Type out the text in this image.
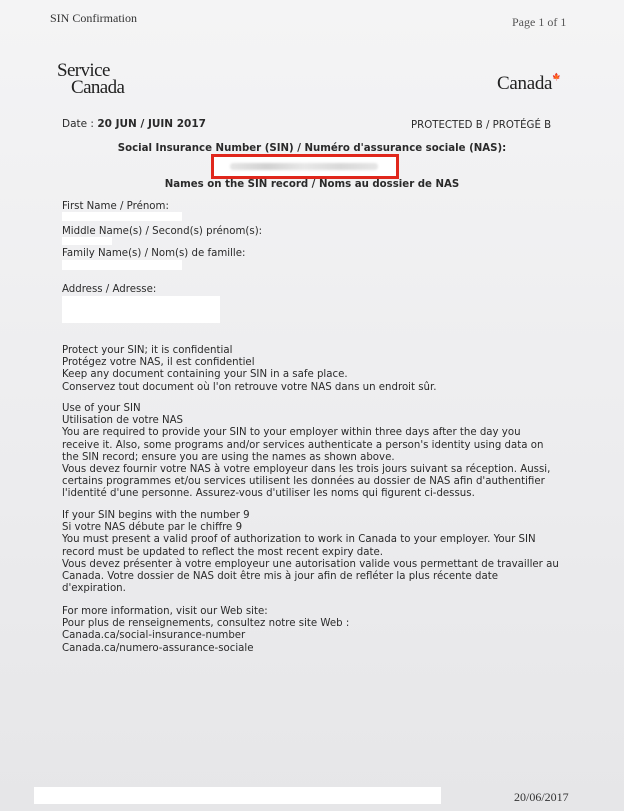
SIN Confirmation	Page 1 of 1
Service
Canada	Canada🍁
Date : 20 JUN / JUIN 2017	PROTECTED B / PROTÉGÉ B
Social Insurance Number (SIN) / Numéro d'assurance sociale (NAS):
Names on the SIN record / Noms au dossier de NAS
First Name / Prénom:
Middle Name(s) / Second(s) prénom(s):
Family Name(s) / Nom(s) de famille:
Address / Adresse:

Protect your SIN; it is confidential

Protégez votre NAS, il est confidentiel

Keep any document containing your SIN in a safe place.

Conservez tout document où l'on retrouve votre NAS dans un endroit sûr.

Use of your SIN

Utilisation de votre NAS

You are required to provide your SIN to your employer within three days after the day you

receive it. Also, some programs and/or services authenticate a person's identity using data on

the SIN record; ensure you are using the names as shown above.

Vous devez fournir votre NAS à votre employeur dans les trois jours suivant sa réception. Aussi,

certains programmes et/ou services utilisent les données au dossier de NAS afin d'authentifier

l'identité d'une personne. Assurez-vous d'utiliser les noms qui figurent ci-dessus.

If your SIN begins with the number 9

Si votre NAS débute par le chiffre 9

You must present a valid proof of authorization to work in Canada to your employer. Your SIN

record must be updated to reflect the most recent expiry date.

Vous devez présenter à votre employeur une autorisation valide vous permettant de travailler au

Canada. Votre dossier de NAS doit être mis à jour afin de refléter la plus récente date

d'expiration.

For more information, visit our Web site:

Pour plus de renseignements, consultez notre site Web :

Canada.ca/social-insurance-number

Canada.ca/numero-assurance-sociale

20/06/2017
